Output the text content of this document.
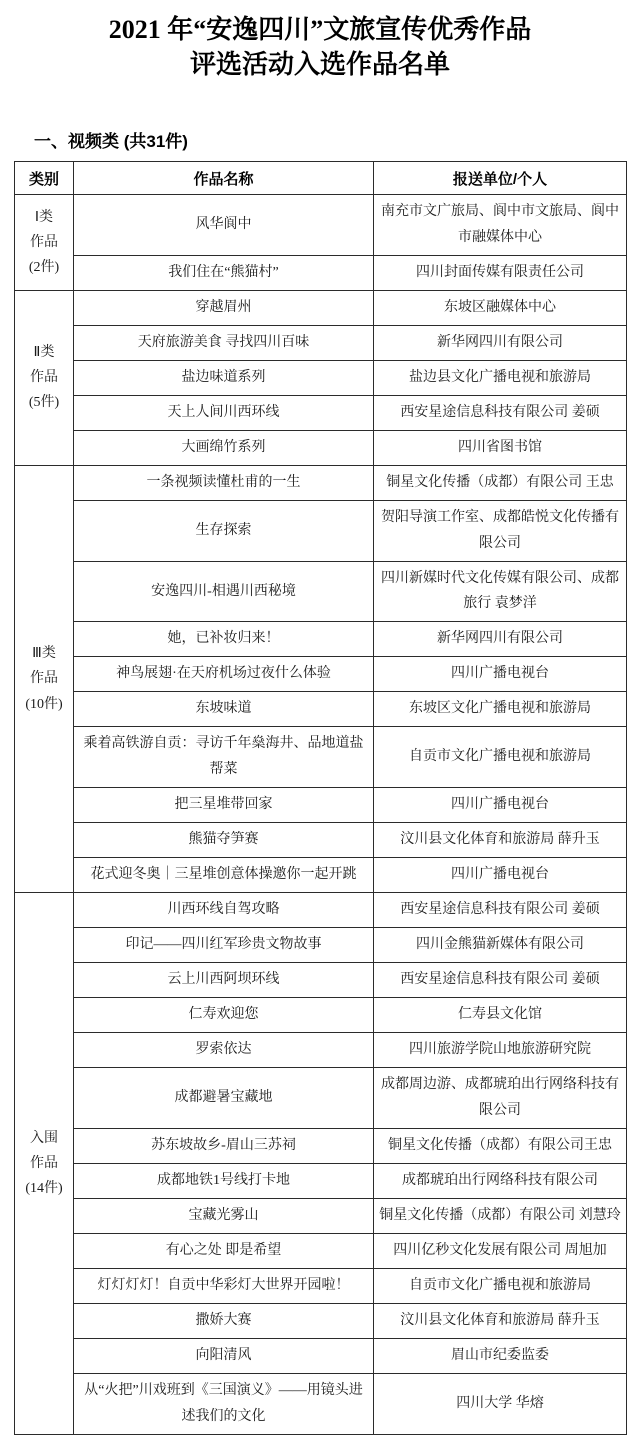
2021 年“安逸四川”文旅宣传优秀作品
评选活动入选作品名单
一、视频类 (共31件)
类别	作品名称	报送单位/个人

Ⅰ类
作品
(2件)	风华阆中	南充市文广旅局、阆中市文旅局、阆中市融媒体中心
	我们住在“熊猫村”	四川封面传媒有限责任公司

Ⅱ类
作品
(5件)	穿越眉州	东坡区融媒体中心
	天府旅游美食 寻找四川百味	新华网四川有限公司
	盐边味道系列	盐边县文化广播电视和旅游局
	天上人间川西环线	西安星途信息科技有限公司 姜硕
	大画绵竹系列	四川省图书馆

Ⅲ类
作品
(10件)	一条视频读懂杜甫的一生	铜星文化传播（成都）有限公司 王忠
	生存探索	贺阳导演工作室、成都皓悦文化传播有限公司
	安逸四川-相遇川西秘境	四川新媒时代文化传媒有限公司、成都旅行 袁梦洋
	她，已补妆归来！	新华网四川有限公司
	神鸟展翅·在天府机场过夜什么体验	四川广播电视台
	东坡味道	东坡区文化广播电视和旅游局
	乘着高铁游自贡：寻访千年燊海井、品地道盐帮菜	自贡市文化广播电视和旅游局
	把三星堆带回家	四川广播电视台
	熊猫夺笋赛	汶川县文化体育和旅游局 薛升玉
	花式迎冬奥｜三星堆创意体操邀你一起开跳	四川广播电视台

入围
作品
(14件)	川西环线自驾攻略	西安星途信息科技有限公司 姜硕
	印记——四川红军珍贵文物故事	四川金熊猫新媒体有限公司
	云上川西阿坝环线	西安星途信息科技有限公司 姜硕
	仁寿欢迎您	仁寿县文化馆
	罗索依达	四川旅游学院山地旅游研究院
	成都避暑宝藏地	成都周边游、成都琥珀出行网络科技有限公司
	苏东坡故乡-眉山三苏祠	铜星文化传播（成都）有限公司王忠
	成都地铁1号线打卡地	成都琥珀出行网络科技有限公司
	宝藏光雾山	铜星文化传播（成都）有限公司 刘慧玲
	有心之处 即是希望	四川亿秒文化发展有限公司 周旭加
	灯灯灯灯！自贡中华彩灯大世界开园啦！	自贡市文化广播电视和旅游局
	撒娇大赛	汶川县文化体育和旅游局 薛升玉
	向阳清风	眉山市纪委监委
	从“火把”川戏班到《三国演义》——用镜头进述我们的文化	四川大学 华熔
